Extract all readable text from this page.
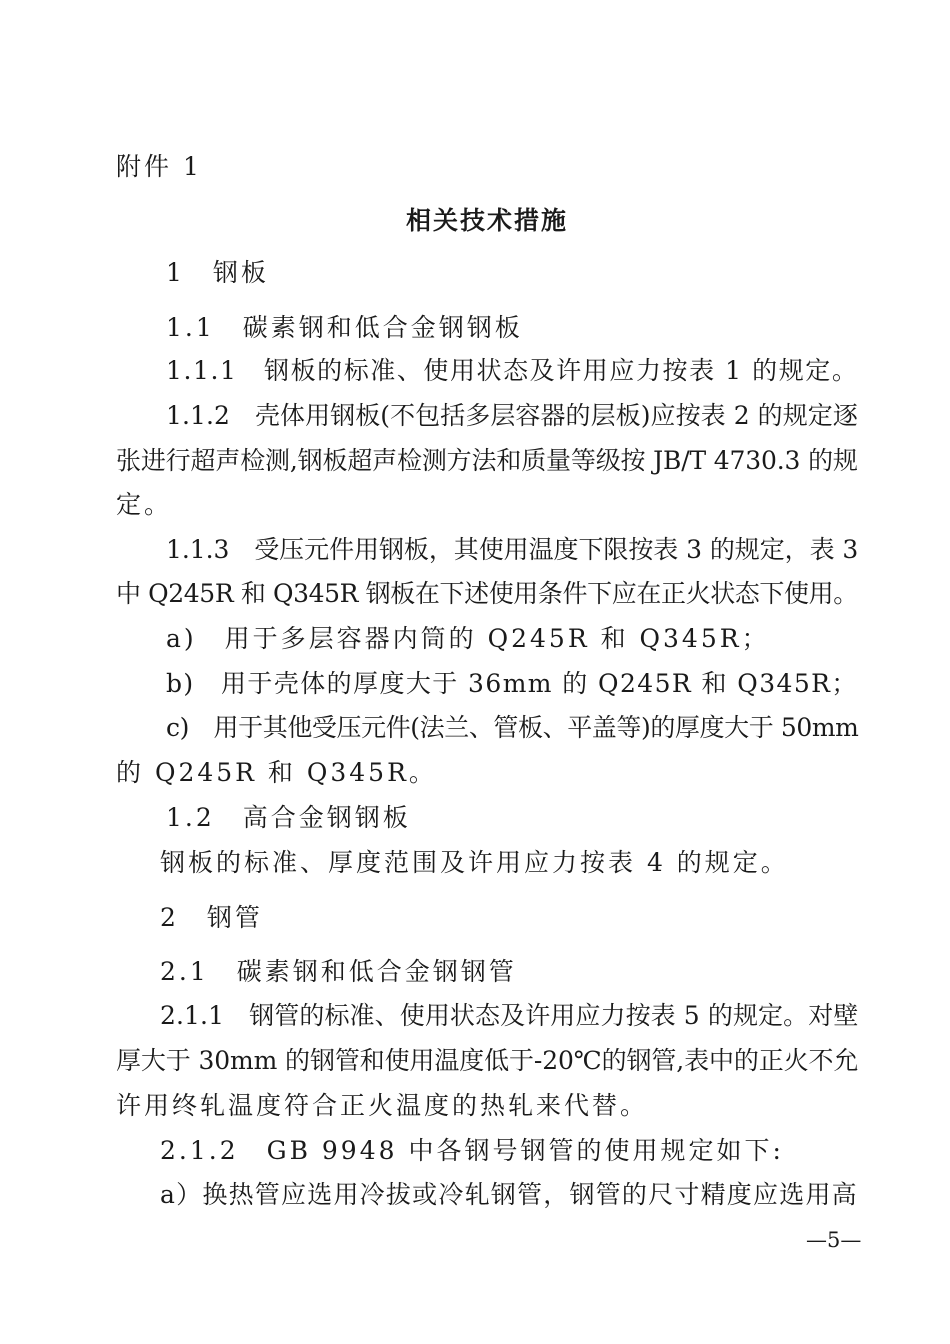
附件 1
相关技术措施
1　钢板
1.1　碳素钢和低合金钢钢板
1.1.1　钢板的标准、使用状态及许用应力按表 1 的规定。
1.1.2　壳体用钢板(不包括多层容器的层板)应按表 2 的规定逐
张进行超声检测,钢板超声检测方法和质量等级按 JB/T 4730.3 的规
定。
1.1.3　受压元件用钢板，其使用温度下限按表 3 的规定，表 3
中 Q245R 和 Q345R 钢板在下述使用条件下应在正火状态下使用。
a)　用于多层容器内筒的 Q245R 和 Q345R；
b)　用于壳体的厚度大于 36mm 的 Q245R 和 Q345R；
c)　用于其他受压元件(法兰、管板、平盖等)的厚度大于 50mm
的 Q245R 和 Q345R。
1.2　高合金钢钢板
钢板的标准、厚度范围及许用应力按表 4 的规定。
2　钢管
2.1　碳素钢和低合金钢钢管
2.1.1　钢管的标准、使用状态及许用应力按表 5 的规定。对壁
厚大于 30mm 的钢管和使用温度低于-20℃的钢管,表中的正火不允
许用终轧温度符合正火温度的热轧来代替。
2.1.2　GB 9948 中各钢号钢管的使用规定如下:
a）换热管应选用冷拔或冷轧钢管，钢管的尺寸精度应选用高
—5—
